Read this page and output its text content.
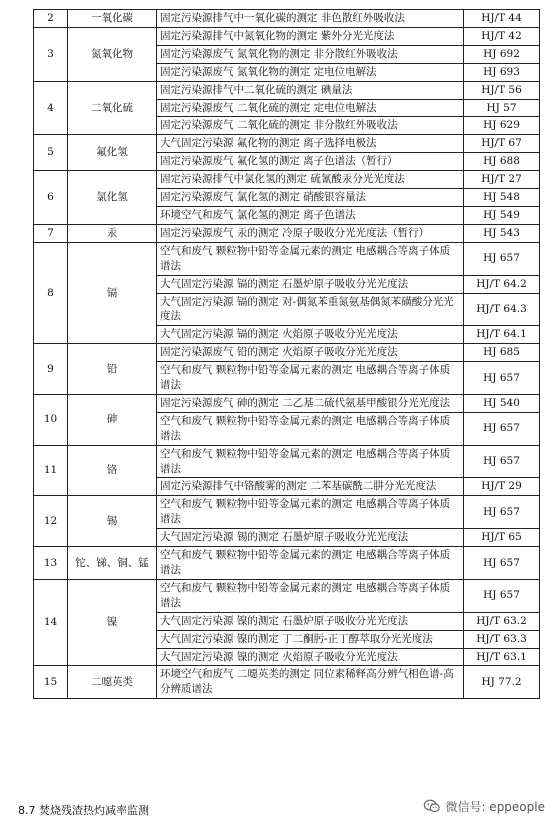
2	一氧化碳	固定污染源排气中一氧化碳的测定 非色散红外吸收法	HJ/T 44
3	氮氧化物	固定污染源排气中氮氧化物的测定 紫外分光光度法	HJ/T 42
		固定污染源废气 氮氧化物的测定 非分散红外吸收法	HJ 692
		固定污染源废气 氮氧化物的测定 定电位电解法	HJ 693
4	二氧化硫	固定污染源排气中二氧化硫的测定 碘量法	HJ/T 56
		固定污染源废气 二氧化硫的测定 定电位电解法	HJ 57
		固定污染源废气 二氧化硫的测定 非分散红外吸收法	HJ 629
5	氟化氢	大气固定污染源 氟化物的测定 离子选择电极法	HJ/T 67
		固定污染源废气 氟化氢的测定 离子色谱法（暂行）	HJ 688
6	氯化氢	固定污染源排气中氯化氢的测定 硫氰酸汞分光光度法	HJ/T 27
		固定污染源废气 氯化氢的测定 硝酸银容量法	HJ 548
		环境空气和废气 氯化氢的测定 离子色谱法	HJ 549
7	汞	固定污染源废气 汞的测定 冷原子吸收分光光度法（暂行）	HJ 543
8	镉	空气和废气 颗粒物中铅等金属元素的测定 电感耦合等离子体质谱法	HJ 657
		大气固定污染源 镉的测定 石墨炉原子吸收分光光度法	HJ/T 64.2
		大气固定污染源 镉的测定 对-偶氮苯重氮氨基偶氮苯磺酸分光光度法	HJ/T 64.3
		大气固定污染源 镉的测定 火焰原子吸收分光光度法	HJ/T 64.1
9	铅	固定污染源废气 铅的测定 火焰原子吸收分光光度法	HJ 685
		空气和废气 颗粒物中铅等金属元素的测定 电感耦合等离子体质谱法	HJ 657
10	砷	固定污染源废气 砷的测定 二乙基二硫代氨基甲酸银分光光度法	HJ 540
		空气和废气 颗粒物中铅等金属元素的测定 电感耦合等离子体质谱法	HJ 657
11	铬	空气和废气 颗粒物中铅等金属元素的测定 电感耦合等离子体质谱法	HJ 657
		固定污染源排气中铬酸雾的测定 二苯基碳酰二肼分光光度法	HJ/T 29
12	锡	空气和废气 颗粒物中铅等金属元素的测定 电感耦合等离子体质谱法	HJ 657
		大气固定污染源 锡的测定 石墨炉原子吸收分光光度法	HJ/T 65
13	铊、锑、铜、锰	空气和废气 颗粒物中铅等金属元素的测定 电感耦合等离子体质谱法	HJ 657
14	镍	空气和废气 颗粒物中铅等金属元素的测定 电感耦合等离子体质谱法	HJ 657
		大气固定污染源 镍的测定 石墨炉原子吸收分光光度法	HJ/T 63.2
		大气固定污染源 镍的测定 丁二酮肟-正丁醇萃取分光光度法	HJ/T 63.3
		大气固定污染源 镍的测定 火焰原子吸收分光光度法	HJ/T 63.1
15	二噁英类	环境空气和废气 二噁英类的测定 同位素稀释高分辨气相色谱-高分辨质谱法	HJ 77.2
8.7 焚烧残渣热灼减率监测	微信号: eppeople
